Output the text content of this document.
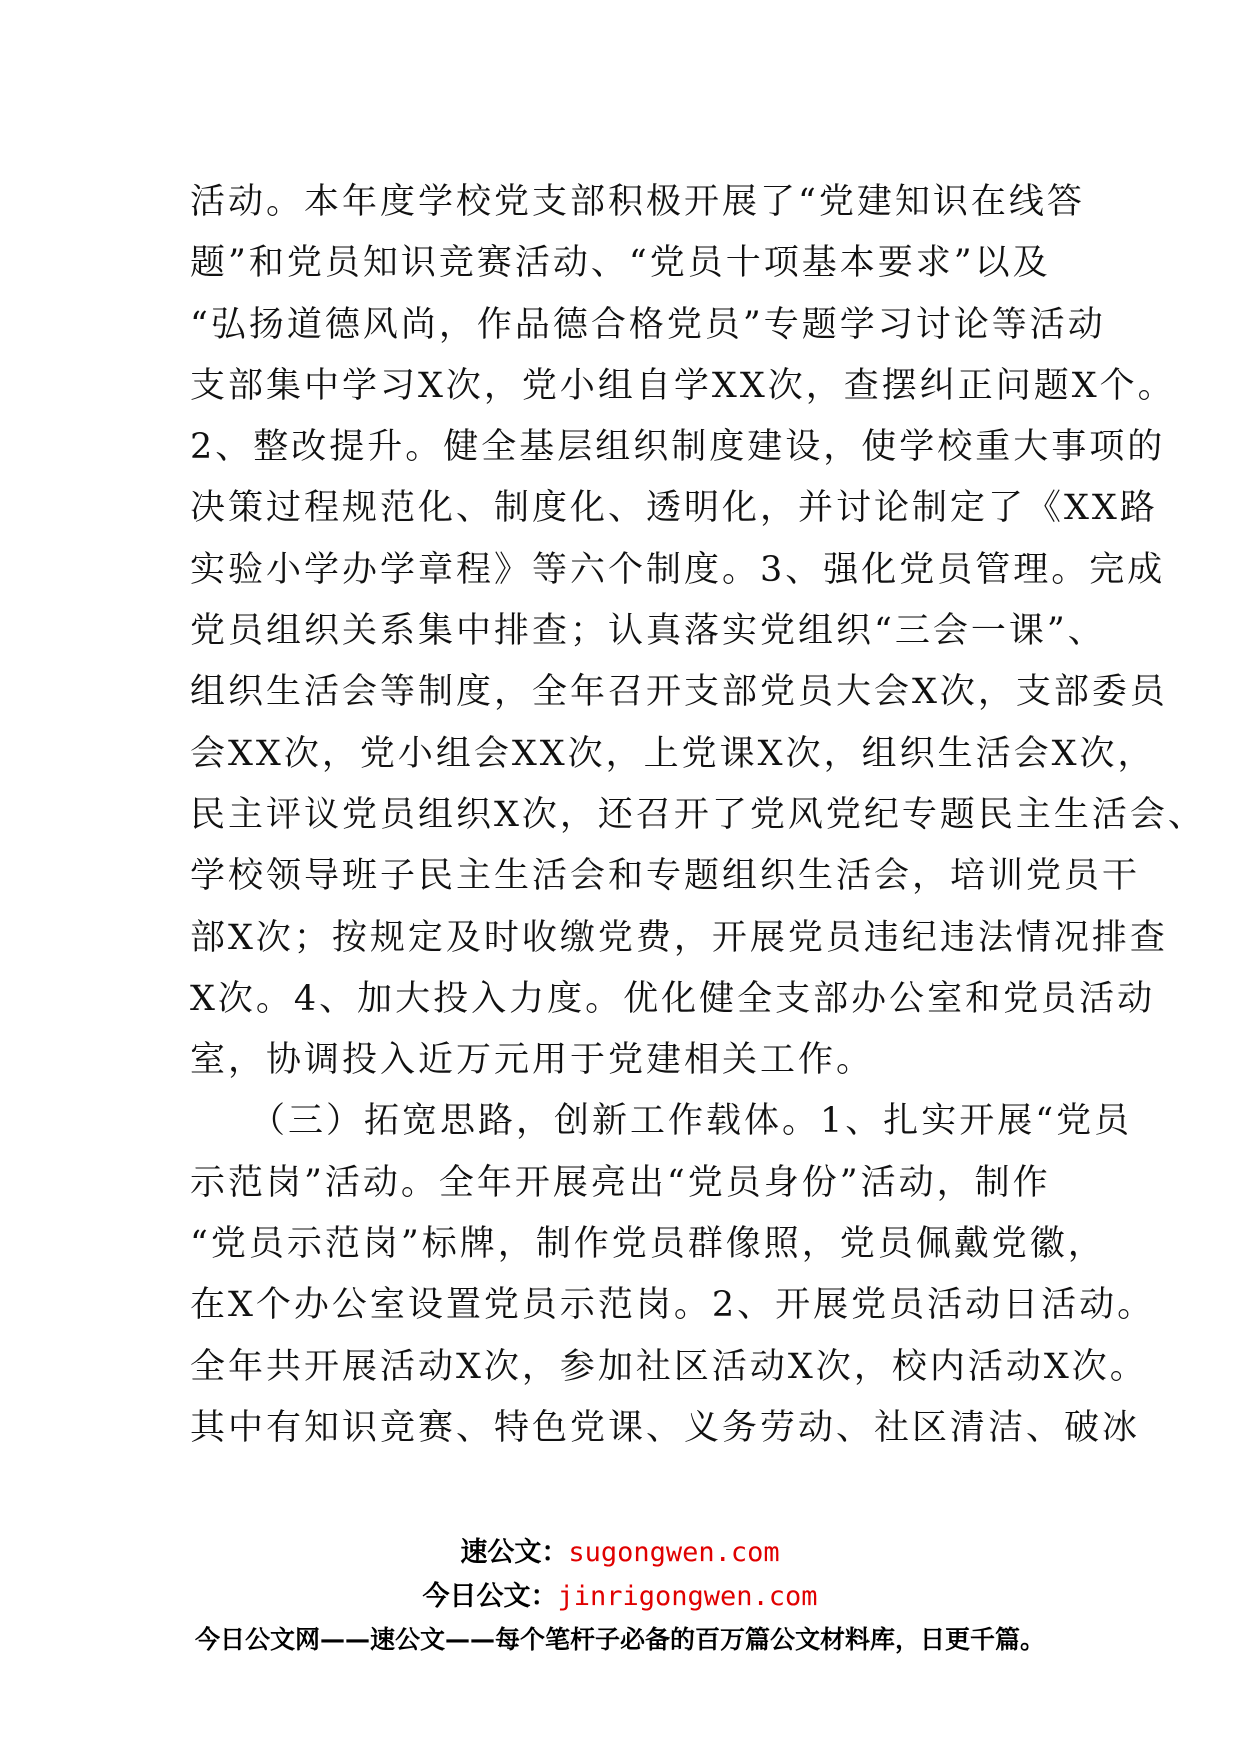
活动。本年度学校党支部积极开展了“党建知识在线答
题”和党员知识竞赛活动、“党员十项基本要求”以及
“弘扬道德风尚，作品德合格党员”专题学习讨论等活动
支部集中学习X次，党小组自学XX次，查摆纠正问题X个。
2、整改提升。健全基层组织制度建设，使学校重大事项的
决策过程规范化、制度化、透明化，并讨论制定了《XX路
实验小学办学章程》等六个制度。3、强化党员管理。完成
党员组织关系集中排查；认真落实党组织“三会一课”、
组织生活会等制度，全年召开支部党员大会X次，支部委员
会XX次，党小组会XX次，上党课X次，组织生活会X次，
民主评议党员组织X次，还召开了党风党纪专题民主生活会、
学校领导班子民主生活会和专题组织生活会，培训党员干
部X次；按规定及时收缴党费，开展党员违纪违法情况排查
X次。4、加大投入力度。优化健全支部办公室和党员活动
室，协调投入近万元用于党建相关工作。
（三）拓宽思路，创新工作载体。1、扎实开展“党员
示范岗”活动。全年开展亮出“党员身份”活动，制作
“党员示范岗”标牌，制作党员群像照，党员佩戴党徽，
在X个办公室设置党员示范岗。2、开展党员活动日活动。
全年共开展活动X次，参加社区活动X次，校内活动X次。
其中有知识竞赛、特色党课、义务劳动、社区清洁、破冰
速公文：sugongwen.com
今日公文：jinrigongwen.com
今日公文网——速公文——每个笔杆子必备的百万篇公文材料库，日更千篇。
